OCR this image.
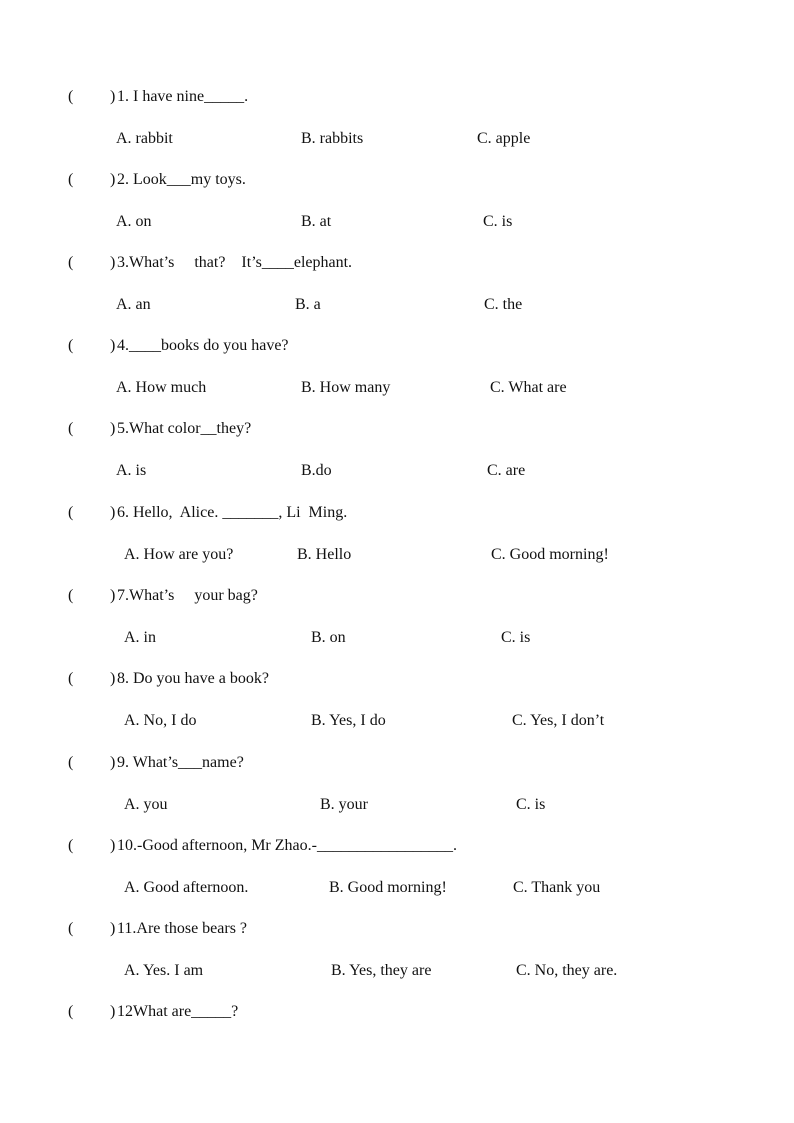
( ) 1. I have nine_____.
A. rabbit	B. rabbits	C. apple
( ) 2. Look___my toys.
A. on	B. at	C. is
( ) 3.What’s     that?    It’s____elephant.
A. an	B. a	C. the
( ) 4.____books do you have?
A. How much	B. How many	C. What are
( ) 5.What color__they?
A. is	B.do	C. are
( ) 6. Hello,  Alice. _______, Li  Ming.
A. How are you?	B. Hello	C. Good morning!
( ) 7.What’s     your bag?
A. in	B. on	C. is
( ) 8. Do you have a book?
A. No, I do	B. Yes, I do	C. Yes, I don’t
( ) 9. What’s___name?
A. you	B. your	C. is
( ) 10.-Good afternoon, Mr Zhao.-_________________.
A. Good afternoon.	B. Good morning!	C. Thank you
( ) 11.Are those bears ?
A. Yes. I am	B. Yes, they are	C. No, they are.
( ) 12What are_____?
